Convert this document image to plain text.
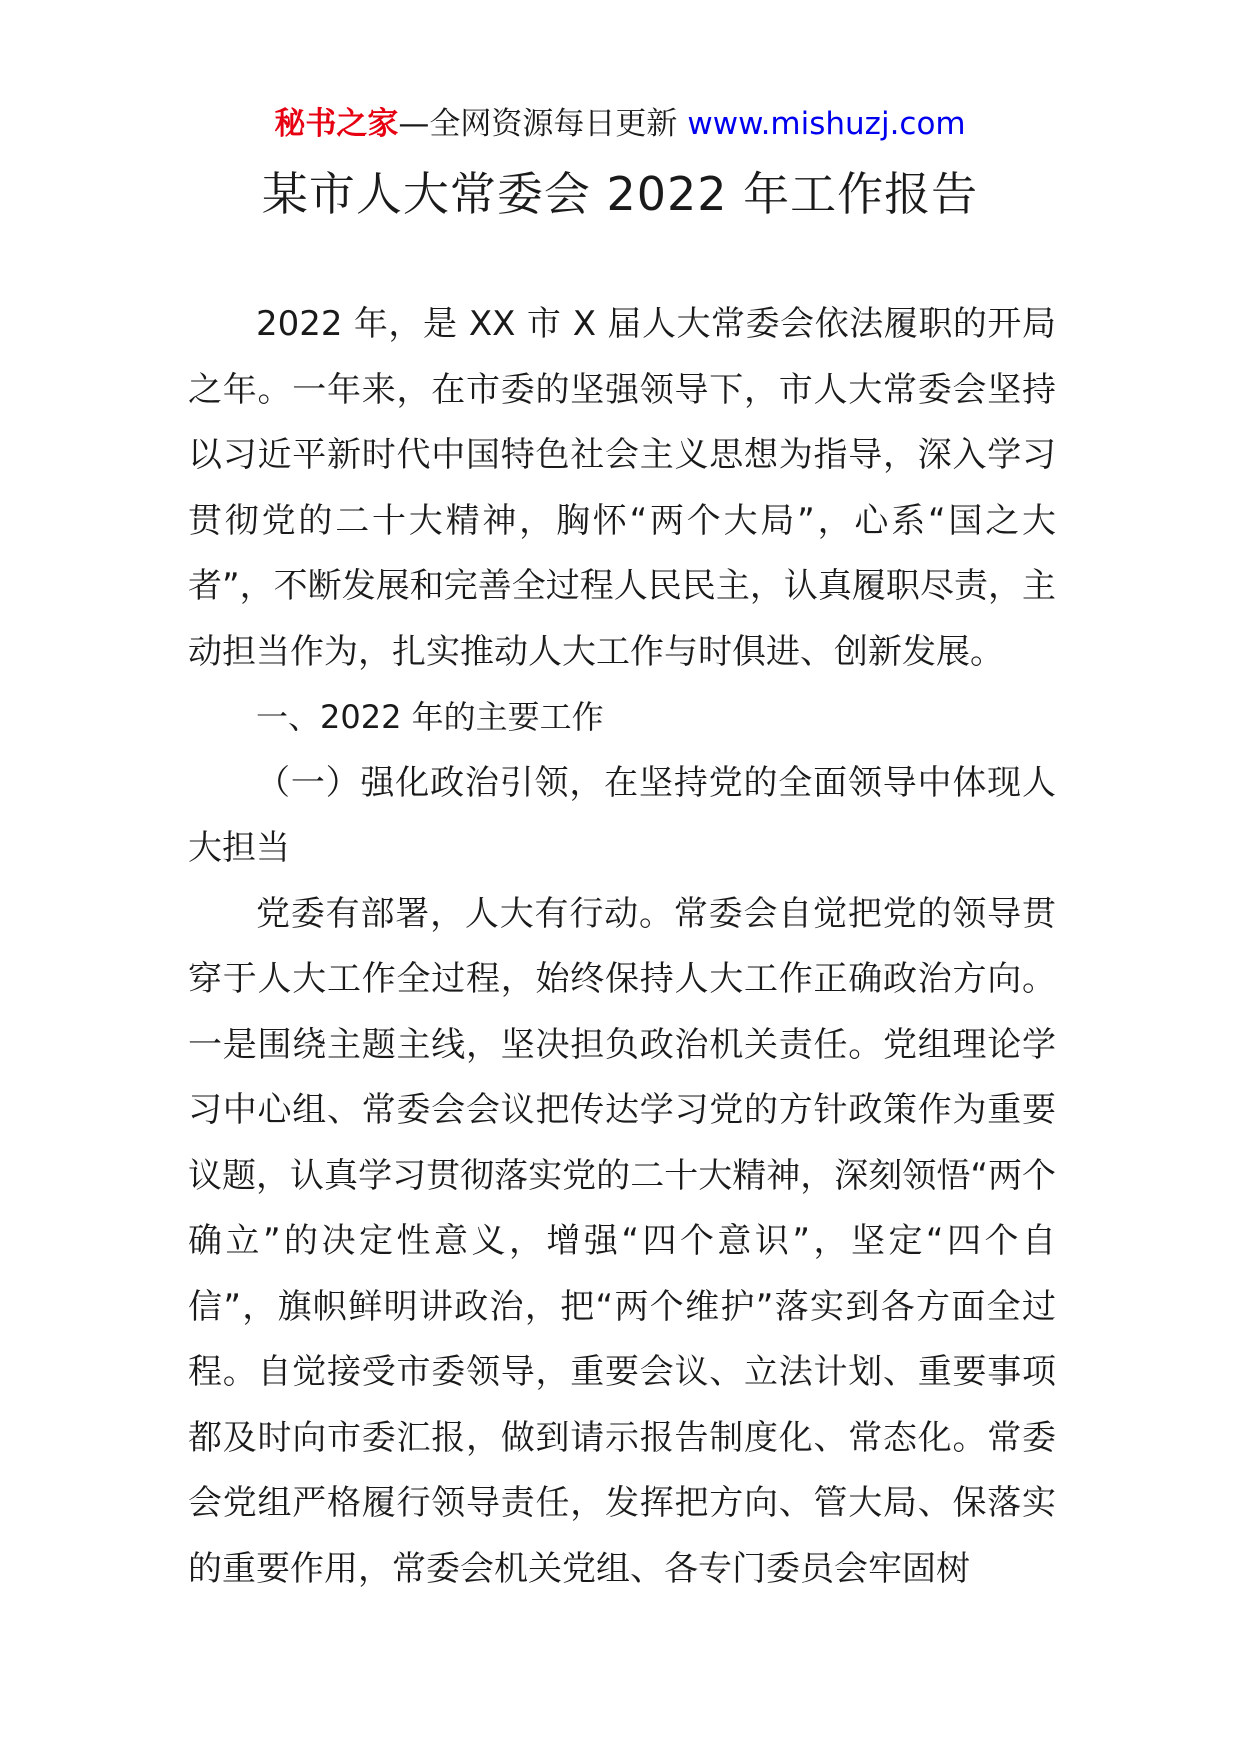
秘书之家—全网资源每日更新 www.mishuzj.com
某市人大常委会 2022 年工作报告

2022 年，是 XX 市 X 届人大常委会依法履职的开局之年。一年来，在市委的坚强领导下，市人大常委会坚持以习近平新时代中国特色社会主义思想为指导，深入学习贯彻党的二十大精神，胸怀“两个大局”，心系“国之大者”，不断发展和完善全过程人民民主，认真履职尽责，主动担当作为，扎实推动人大工作与时俱进、创新发展。

一、2022 年的主要工作

（一）强化政治引领，在坚持党的全面领导中体现人大担当

党委有部署，人大有行动。常委会自觉把党的领导贯穿于人大工作全过程，始终保持人大工作正确政治方向。一是围绕主题主线，坚决担负政治机关责任。党组理论学习中心组、常委会会议把传达学习党的方针政策作为重要议题，认真学习贯彻落实党的二十大精神，深刻领悟“两个确立”的决定性意义，增强“四个意识”，坚定“四个自信”，旗帜鲜明讲政治，把“两个维护”落实到各方面全过程。自觉接受市委领导，重要会议、立法计划、重要事项都及时向市委汇报，做到请示报告制度化、常态化。常委会党组严格履行领导责任，发挥把方向、管大局、保落实的重要作用，常委会机关党组、各专门委员会牢固树
